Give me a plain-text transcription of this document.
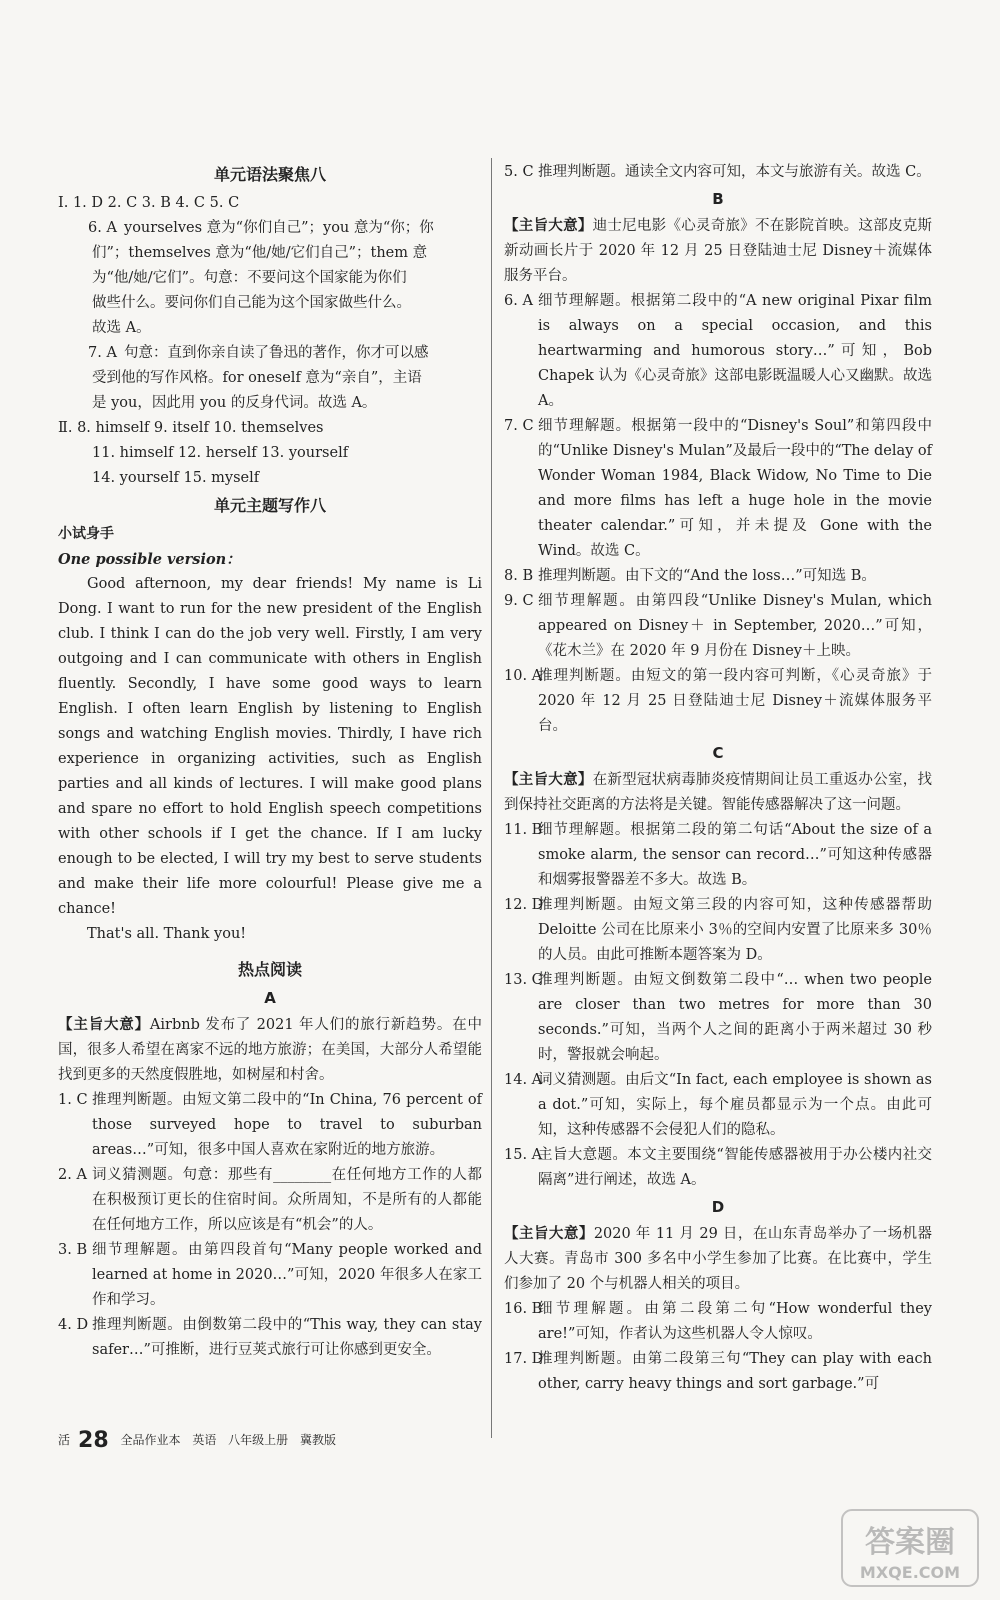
单元语法聚焦八
Ⅰ. 1. D 2. C 3. B 4. C 5. C
6. A yourselves 意为“你们自己”；you 意为“你；你
们”；themselves 意为“他/她/它们自己”；them 意
为“他/她/它们”。句意：不要问这个国家能为你们
做些什么。要问你们自己能为这个国家做些什么。
故选 A。
7. A 句意：直到你亲自读了鲁迅的著作，你才可以感
受到他的写作风格。for oneself 意为“亲自”，主语
是 you，因此用 you 的反身代词。故选 A。
Ⅱ. 8. himself 9. itself 10. themselves
11. himself 12. herself 13. yourself
14. yourself 15. myself
单元主题写作八
小试身手
One possible version：
Good afternoon, my dear friends! My name is Li Dong. I want to run for the new president of the English club. I think I can do the job very well. Firstly, I am very outgoing and I can communicate with others in English fluently. Secondly, I have some good ways to learn English. I often learn English by listening to English songs and watching English movies. Thirdly, I have rich experience in organizing activities, such as English parties and all kinds of lectures. I will make good plans and spare no effort to hold English speech competitions with other schools if I get the chance. If I am lucky enough to be elected, I will try my best to serve students and make their life more colourful! Please give me a chance!
That's all. Thank you!
热点阅读
A
【主旨大意】Airbnb 发布了 2021 年人们的旅行新趋势。在中国，很多人希望在离家不远的地方旅游；在美国，大部分人希望能找到更多的天然度假胜地，如树屋和村舍。
1. C 推理判断题。由短文第二段中的“In China, 76 percent of those surveyed hope to travel to suburban areas…”可知，很多中国人喜欢在家附近的地方旅游。
2. A 词义猜测题。句意：那些有________在任何地方工作的人都在积极预订更长的住宿时间。众所周知，不是所有的人都能在任何地方工作，所以应该是有“机会”的人。
3. B 细节理解题。由第四段首句“Many people worked and learned at home in 2020…”可知，2020 年很多人在家工作和学习。
4. D 推理判断题。由倒数第二段中的“This way, they can stay safer…”可推断，进行豆荚式旅行可让你感到更安全。
5. C 推理判断题。通读全文内容可知，本文与旅游有关。故选 C。
B
【主旨大意】迪士尼电影《心灵奇旅》不在影院首映。这部皮克斯新动画长片于 2020 年 12 月 25 日登陆迪士尼 Disney＋流媒体服务平台。
6. A 细节理解题。根据第二段中的“A new original Pixar film is always on a special occasion, and this heartwarming and humorous story…”可知，Bob Chapek 认为《心灵奇旅》这部电影既温暖人心又幽默。故选 A。
7. C 细节理解题。根据第一段中的“Disney's Soul”和第四段中的“Unlike Disney's Mulan”及最后一段中的“The delay of Wonder Woman 1984, Black Widow, No Time to Die and more films has left a huge hole in the movie theater calendar.”可知，并未提及 Gone with the Wind。故选 C。
8. B 推理判断题。由下文的“And the loss…”可知选 B。
9. C 细节理解题。由第四段“Unlike Disney's Mulan, which appeared on Disney＋ in September, 2020…”可知，《花木兰》在 2020 年 9 月份在 Disney＋上映。
10. A
推理判断题。由短文的第一段内容可判断，《心灵奇旅》于 2020 年 12 月 25 日登陆迪士尼 Disney＋流媒体服务平台。
C
【主旨大意】在新型冠状病毒肺炎疫情期间让员工重返办公室，找到保持社交距离的方法将是关键。智能传感器解决了这一问题。
11. B
细节理解题。根据第二段的第二句话“About the size of a smoke alarm, the sensor can record…”可知这种传感器和烟雾报警器差不多大。故选 B。
12. D
推理判断题。由短文第三段的内容可知，这种传感器帮助 Deloitte 公司在比原来小 3％的空间内安置了比原来多 30％的人员。由此可推断本题答案为 D。
13. C
推理判断题。由短文倒数第二段中“… when two people are closer than two metres for more than 30 seconds.”可知，当两个人之间的距离小于两米超过 30 秒时，警报就会响起。
14. A
词义猜测题。由后文“In fact, each employee is shown as a dot.”可知，实际上，每个雇员都显示为一个点。由此可知，这种传感器不会侵犯人们的隐私。
15. A
主旨大意题。本文主要围绕“智能传感器被用于办公楼内社交隔离”进行阐述，故选 A。
D
【主旨大意】2020 年 11 月 29 日，在山东青岛举办了一场机器人大赛。青岛市 300 多名中小学生参加了比赛。在比赛中，学生们参加了 20 个与机器人相关的项目。
16. B
细节理解题。由第二段第二句“How wonderful they are!”可知，作者认为这些机器人令人惊叹。
17. D
推理判断题。由第二段第三句“They can play with each other, carry heavy things and sort garbage.”可
活 28 全品作业本 英语 八年级上册 冀教版
答案圈
MXQE.COM
